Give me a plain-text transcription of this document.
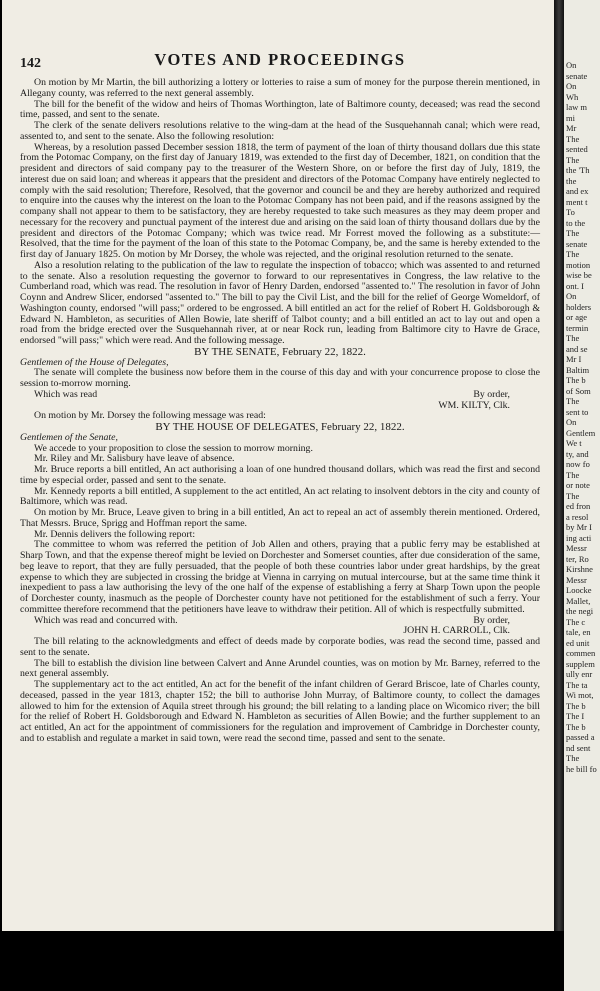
142	VOTES AND PROCEEDINGS

On motion by Mr Martin, the bill authorizing a lottery or lotteries to raise a sum of money for the purpose therein mentioned, in Allegany county, was referred to the next general assembly.

The bill for the benefit of the widow and heirs of Thomas Worthington, late of Baltimore county, deceased; was read the second time, passed, and sent to the senate.

The clerk of the senate delivers resolutions relative to the wing-dam at the head of the Susquehannah canal; which were read, assented to, and sent to the senate. Also the following resolution:

Whereas, by a resolution passed December session 1818, the term of payment of the loan of thirty thousand dollars due this state from the Potomac Company, on the first day of January 1819, was extended to the first day of December, 1821, on condition that the president and directors of said company pay to the treasurer of the Western Shore, on or before the first day of July, 1819, the interest due on said loan; and whereas it appears that the president and directors of the Potomac Company have entirely neglected to comply with the said resolution; Therefore, Resolved, that the governor and council be and they are hereby authorized and required to enquire into the causes why the interest on the loan to the Potomac Company has not been paid, and if the reasons assigned by the company shall not appear to them to be satisfactory, they are hereby requested to take such measures as they may deem proper and necessary for the recovery and punctual payment of the interest due and arising on the said loan of thirty thousand dollars due by the president and directors of the Potomac Company; which was twice read. Mr Forrest moved the following as a substitute:—Resolved, that the time for the payment of the loan of this state to the Potomac Company, be, and the same is hereby extended to the first day of January 1825. On motion by Mr Dorsey, the whole was rejected, and the original resolution returned to the senate.

Also a resolution relating to the publication of the law to regulate the inspection of tobacco; which was assented to and returned to the senate. Also a resolution requesting the governor to forward to our representatives in Congress, the law relative to the Cumberland road, which was read. The resolution in favor of Henry Darden, endorsed "assented to." The resolution in favor of John Coynn and Andrew Slicer, endorsed "assented to." The bill to pay the Civil List, and the bill for the relief of George Womeldorf, of Washington county, endorsed "will pass;" ordered to be engrossed. A bill entitled an act for the relief of Robert H. Goldsborough & Edward N. Hambleton, as securities of Allen Bowie, late sheriff of Talbot county; and a bill entitled an act to lay out and open a road from the bridge erected over the Susquehannah river, at or near Rock run, leading from Baltimore city to Havre de Grace, endorsed "will pass;" which were read. And the following message.

BY THE SENATE, February 22, 1822.

Gentlemen of the House of Delegates,

The senate will complete the business now before them in the course of this day and with your concurrence propose to close the session to-morrow morning.

Which was read	By order,

WM. KILTY, Clk.

On motion by Mr. Dorsey the following message was read:

BY THE HOUSE OF DELEGATES, February 22, 1822.

Gentlemen of the Senate,

We accede to your proposition to close the session to morrow morning.

Mr. Riley and Mr. Salisbury have leave of absence.

Mr. Bruce reports a bill entitled, An act authorising a loan of one hundred thousand dollars, which was read the first and second time by especial order, passed and sent to the senate.

Mr. Kennedy reports a bill entitled, A supplement to the act entitled, An act relating to insolvent debtors in the city and county of Baltimore, which was read.

On motion by Mr. Bruce, Leave given to bring in a bill entitled, An act to repeal an act of assembly therein mentioned. Ordered, That Messrs. Bruce, Sprigg and Hoffman report the same.

Mr. Dennis delivers the following report:

The committee to whom was referred the petition of Job Allen and others, praying that a public ferry may be established at Sharp Town, and that the expense thereof might be levied on Dorchester and Somerset counties, after due consideration of the same, beg leave to report, that they are fully persuaded, that the people of both these countries labor under great hardships, by the great expense to which they are subjected in crossing the bridge at Vienna in carrying on mutual intercourse, but at the same time think it inexpedient to pass a law authorising the levy of the one half of the expense of establishing a ferry at Sharp Town upon the people of Dorchester county, inasmuch as the people of Dorchester county have not petitioned for the establishment of such a ferry. Your committee therefore recommend that the petitioners have leave to withdraw their petition. All of which is respectfully submitted.

Which was read and concurred with.	By order,

JOHN H. CARROLL, Clk.

The bill relating to the acknowledgments and effect of deeds made by corporate bodies, was read the second time, passed and sent to the senate.

The bill to establish the division line between Calvert and Anne Arundel counties, was on motion by Mr. Barney, referred to the next general assembly.

The supplementary act to the act entitled, An act for the benefit of the infant children of Gerard Briscoe, late of Charles county, deceased, passed in the year 1813, chapter 152; the bill to authorise John Murray, of Baltimore county, to collect the damages allowed to him for the extension of Aquila street through his ground; the bill relating to a landing place on Wicomico river; the bill for the relief of Robert H. Goldsborough and Edward N. Hambleton as securities of Allen Bowie; and the further supplement to an act entitled, An act for the appointment of commissioners for the regulation and improvement of Cambridge in Dorchester county, and to establish and regulate a market in said town, were read the second time, passed and sent to the senate.

On
senate
On
Wh
law m
mi
Mr
The
sented
The
the 'Th
the
and ex
ment t
To
to the
The
senate
The
motion
wise be
ont. I
On
holders
or age
termin
The
and se
Mr I
Baltim
The b
of Som
The
sent to
On
Gentlem
We t
ty, and
now fo
The
or note
The
ed fron
a resol
by Mr I
ing acti
Messr
ter, Ro
Kirshne
Messr
Loocke
Mallet,
the negi
The c
tale, en
ed unit
commen
supplem
ully enr
The ta
Wi mot,
The b
The I
The b
passed a
nd sent
The
he bill fo
